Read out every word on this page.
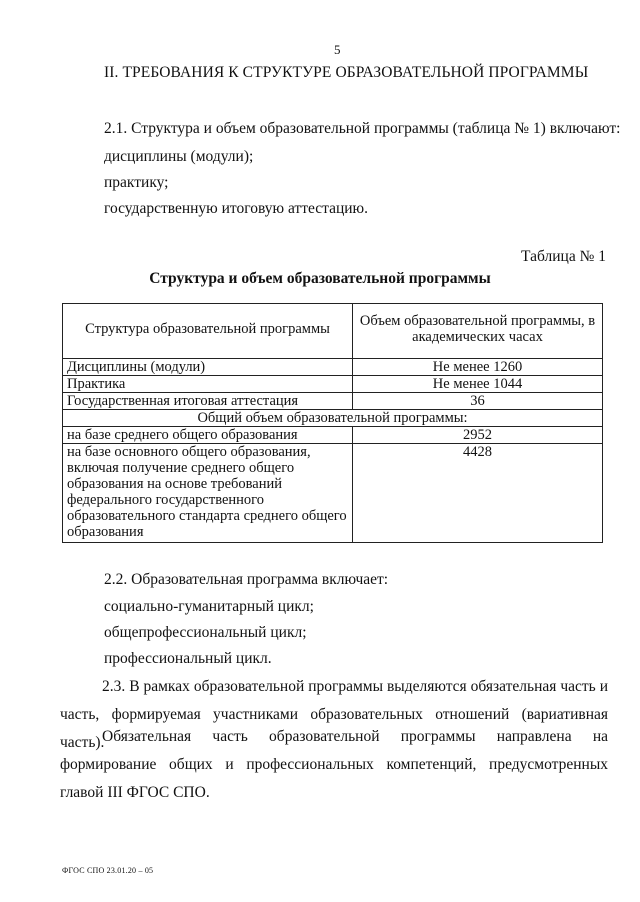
5
II. ТРЕБОВАНИЯ К СТРУКТУРЕ ОБРАЗОВАТЕЛЬНОЙ ПРОГРАММЫ
2.1. Структура и объем образовательной программы (таблица № 1) включают:
дисциплины (модули);
практику;
государственную итоговую аттестацию.
Таблица № 1
Структура и объем образовательной программы
Структура образовательной программы	Объем образовательной программы, в академических часах
Дисциплины (модули)	Не менее 1260
Практика	Не менее 1044
Государственная итоговая аттестация	36
Общий объем образовательной программы:	
на базе среднего общего образования	2952
на базе основного общего образования, включая получение среднего общего образования на основе требований федерального государственного образовательного стандарта среднего общего образования	4428
2.2. Образовательная программа включает:
социально-гуманитарный цикл;
общепрофессиональный цикл;
профессиональный цикл.
2.3. В рамках образовательной программы выделяются обязательная часть и часть, формируемая участниками образовательных отношений (вариативная часть).
Обязательная часть образовательной программы направлена на формирование общих и профессиональных компетенций, предусмотренных главой III ФГОС СПО.
ФГОС СПО 23.01.20 – 05
